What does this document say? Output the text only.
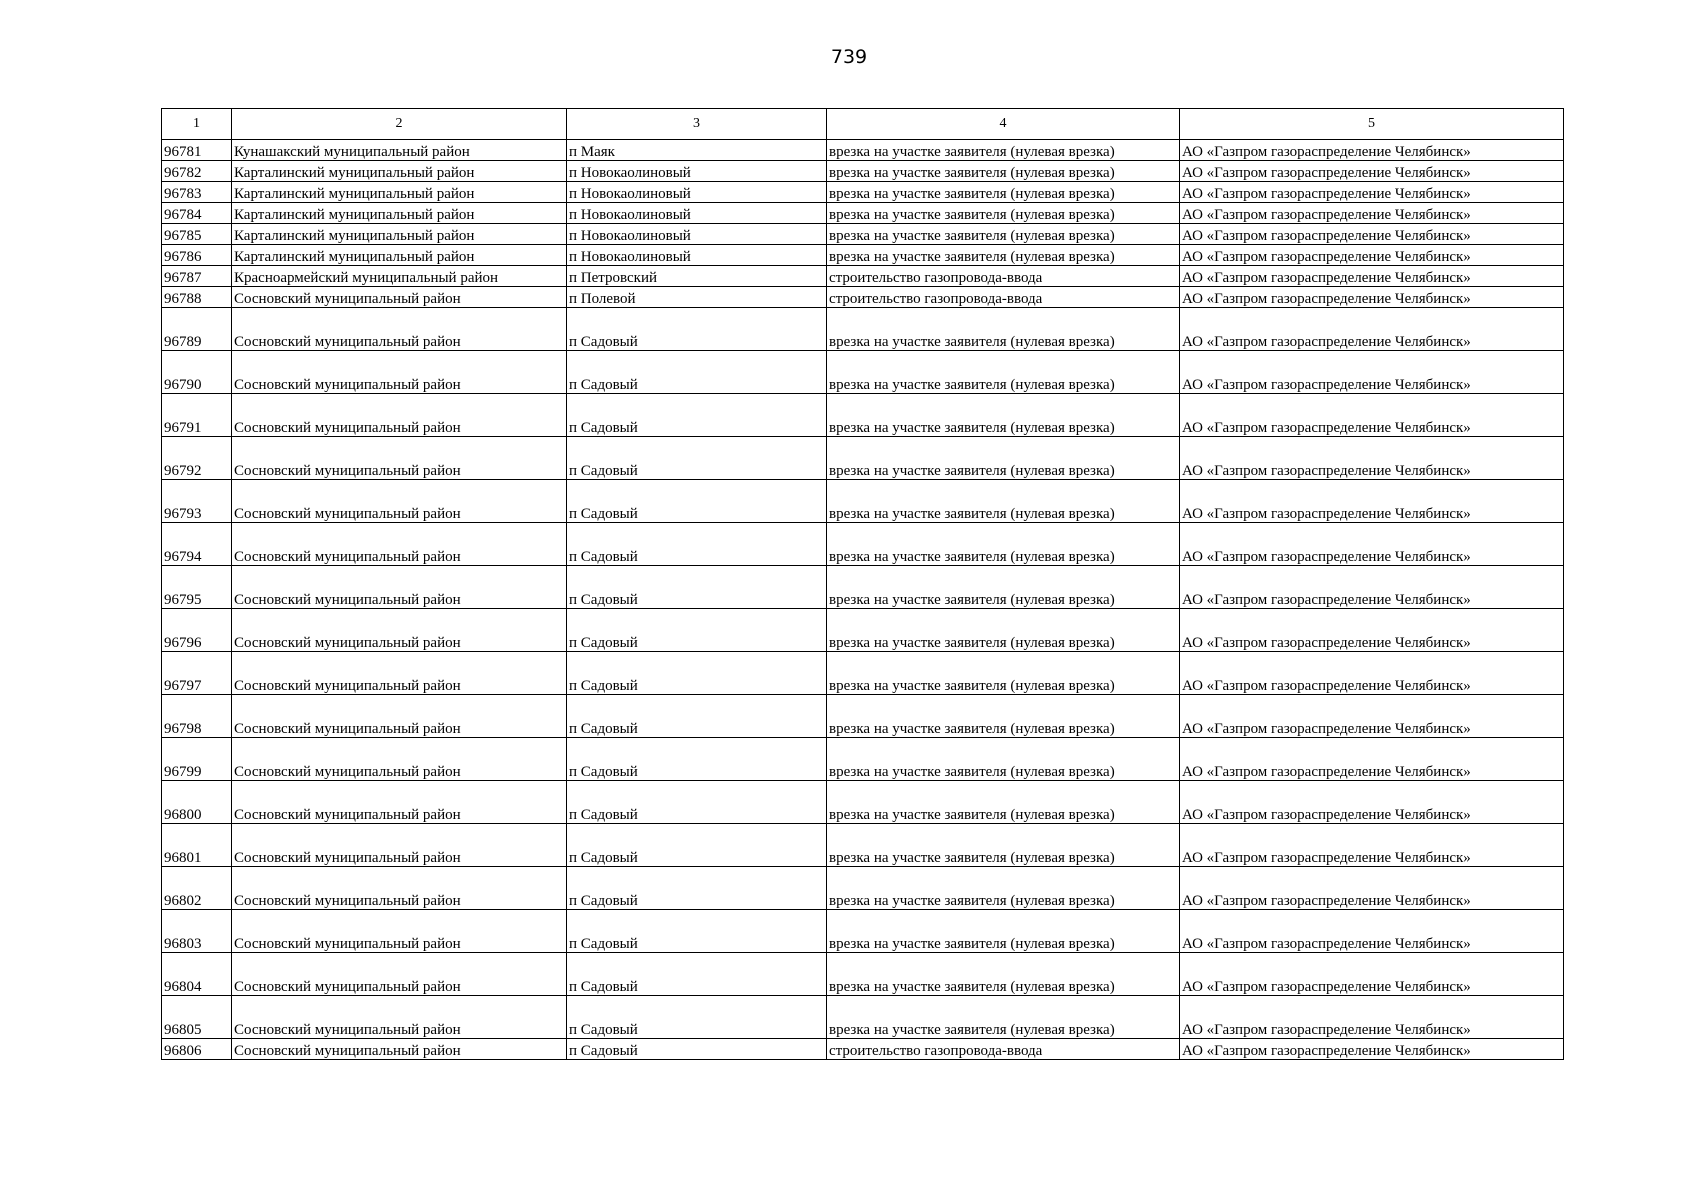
739
1	2	3	4	5
96781	Кунашакский муниципальный район	п Маяк	врезка на участке заявителя (нулевая врезка)	АО «Газпром газораспределение Челябинск»
96782	Карталинский муниципальный район	п Новокаолиновый	врезка на участке заявителя (нулевая врезка)	АО «Газпром газораспределение Челябинск»
96783	Карталинский муниципальный район	п Новокаолиновый	врезка на участке заявителя (нулевая врезка)	АО «Газпром газораспределение Челябинск»
96784	Карталинский муниципальный район	п Новокаолиновый	врезка на участке заявителя (нулевая врезка)	АО «Газпром газораспределение Челябинск»
96785	Карталинский муниципальный район	п Новокаолиновый	врезка на участке заявителя (нулевая врезка)	АО «Газпром газораспределение Челябинск»
96786	Карталинский муниципальный район	п Новокаолиновый	врезка на участке заявителя (нулевая врезка)	АО «Газпром газораспределение Челябинск»
96787	Красноармейский муниципальный район	п Петровский	строительство газопровода-ввода	АО «Газпром газораспределение Челябинск»
96788	Сосновский муниципальный район	п Полевой	строительство газопровода-ввода	АО «Газпром газораспределение Челябинск»
96789	Сосновский муниципальный район	п Садовый	врезка на участке заявителя (нулевая врезка)	АО «Газпром газораспределение Челябинск»
96790	Сосновский муниципальный район	п Садовый	врезка на участке заявителя (нулевая врезка)	АО «Газпром газораспределение Челябинск»
96791	Сосновский муниципальный район	п Садовый	врезка на участке заявителя (нулевая врезка)	АО «Газпром газораспределение Челябинск»
96792	Сосновский муниципальный район	п Садовый	врезка на участке заявителя (нулевая врезка)	АО «Газпром газораспределение Челябинск»
96793	Сосновский муниципальный район	п Садовый	врезка на участке заявителя (нулевая врезка)	АО «Газпром газораспределение Челябинск»
96794	Сосновский муниципальный район	п Садовый	врезка на участке заявителя (нулевая врезка)	АО «Газпром газораспределение Челябинск»
96795	Сосновский муниципальный район	п Садовый	врезка на участке заявителя (нулевая врезка)	АО «Газпром газораспределение Челябинск»
96796	Сосновский муниципальный район	п Садовый	врезка на участке заявителя (нулевая врезка)	АО «Газпром газораспределение Челябинск»
96797	Сосновский муниципальный район	п Садовый	врезка на участке заявителя (нулевая врезка)	АО «Газпром газораспределение Челябинск»
96798	Сосновский муниципальный район	п Садовый	врезка на участке заявителя (нулевая врезка)	АО «Газпром газораспределение Челябинск»
96799	Сосновский муниципальный район	п Садовый	врезка на участке заявителя (нулевая врезка)	АО «Газпром газораспределение Челябинск»
96800	Сосновский муниципальный район	п Садовый	врезка на участке заявителя (нулевая врезка)	АО «Газпром газораспределение Челябинск»
96801	Сосновский муниципальный район	п Садовый	врезка на участке заявителя (нулевая врезка)	АО «Газпром газораспределение Челябинск»
96802	Сосновский муниципальный район	п Садовый	врезка на участке заявителя (нулевая врезка)	АО «Газпром газораспределение Челябинск»
96803	Сосновский муниципальный район	п Садовый	врезка на участке заявителя (нулевая врезка)	АО «Газпром газораспределение Челябинск»
96804	Сосновский муниципальный район	п Садовый	врезка на участке заявителя (нулевая врезка)	АО «Газпром газораспределение Челябинск»
96805	Сосновский муниципальный район	п Садовый	врезка на участке заявителя (нулевая врезка)	АО «Газпром газораспределение Челябинск»
96806	Сосновский муниципальный район	п Садовый	строительство газопровода-ввода	АО «Газпром газораспределение Челябинск»
